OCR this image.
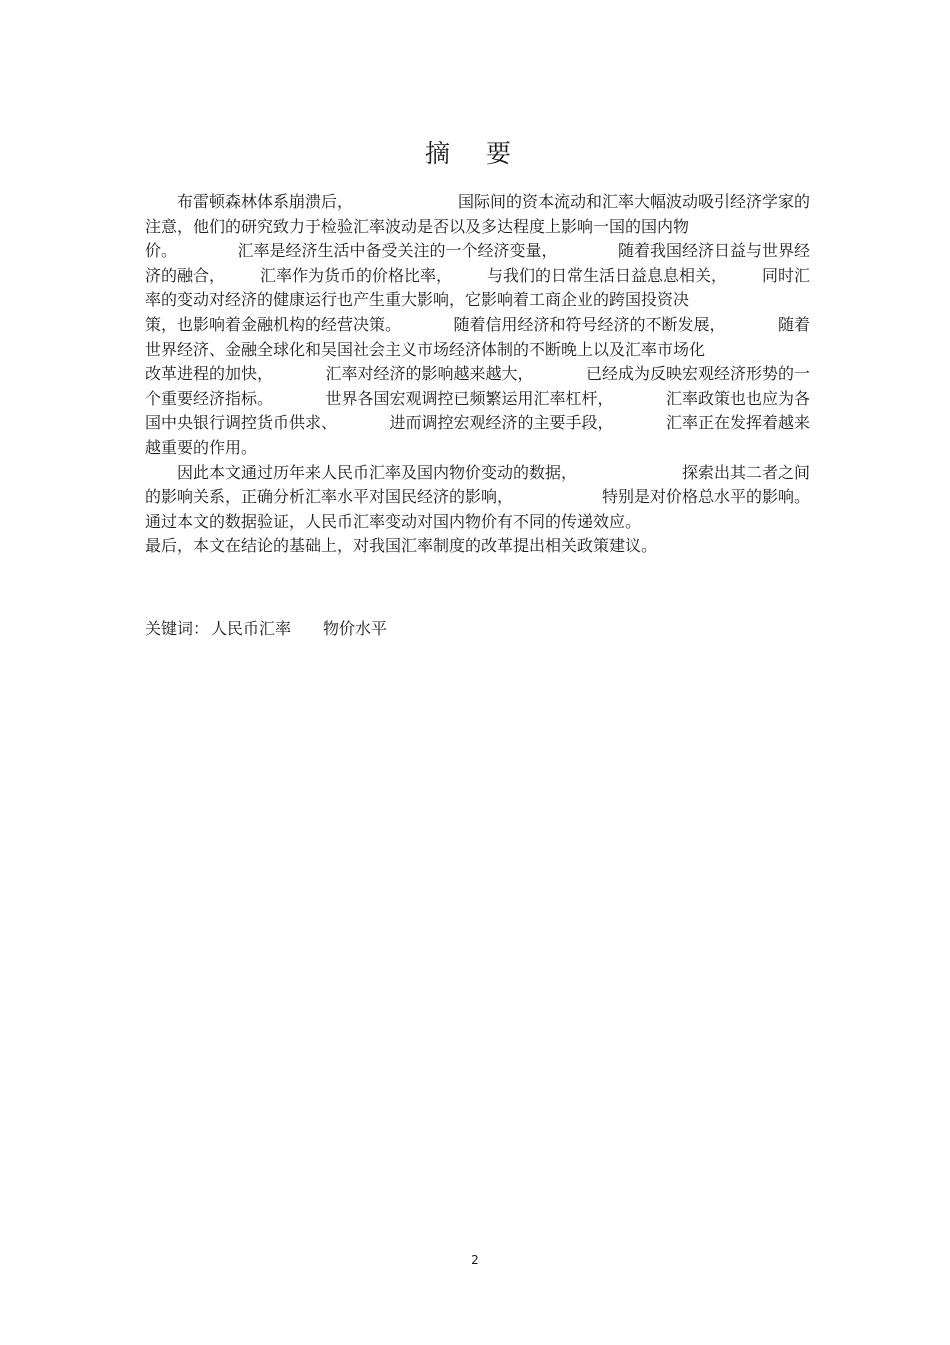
摘 要
布雷顿森林体系崩溃后，	国际间的资本流动和汇率大幅波动吸引经济学家的
注意，他们的研究致力于检验汇率波动是否以及多达程度上影响一国的国内物
价。	汇率是经济生活中备受关注的一个经济变量，	随着我国经济日益与世界经
济的融合， 汇率作为货币的价格比率， 与我们的日常生活日益息息相关， 同时汇
率的变动对经济的健康运行也产生重大影响，它影响着工商企业的跨国投资决
策，也影响着金融机构的经营决策。	随着信用经济和符号经济的不断发展，	随着
世界经济、金融全球化和吴国社会主义市场经济体制的不断晚上以及汇率市场化
改革进程的加快，	汇率对经济的影响越来越大，	已经成为反映宏观经济形势的一
个重要经济指标。	世界各国宏观调控已频繁运用汇率杠杆，	汇率政策也也应为各
国中央银行调控货币供求、	进而调控宏观经济的主要手段，	汇率正在发挥着越来
越重要的作用。
因此本文通过历年来人民币汇率及国内物价变动的数据，	探索出其二者之间
的影响关系，正确分析汇率水平对国民经济的影响，	特别是对价格总水平的影响。
通过本文的数据验证，人民币汇率变动对国内物价有不同的传递效应。
最后，本文在结论的基础上，对我国汇率制度的改革提出相关政策建议。
关键词： 人民币汇率 物价水平
2
